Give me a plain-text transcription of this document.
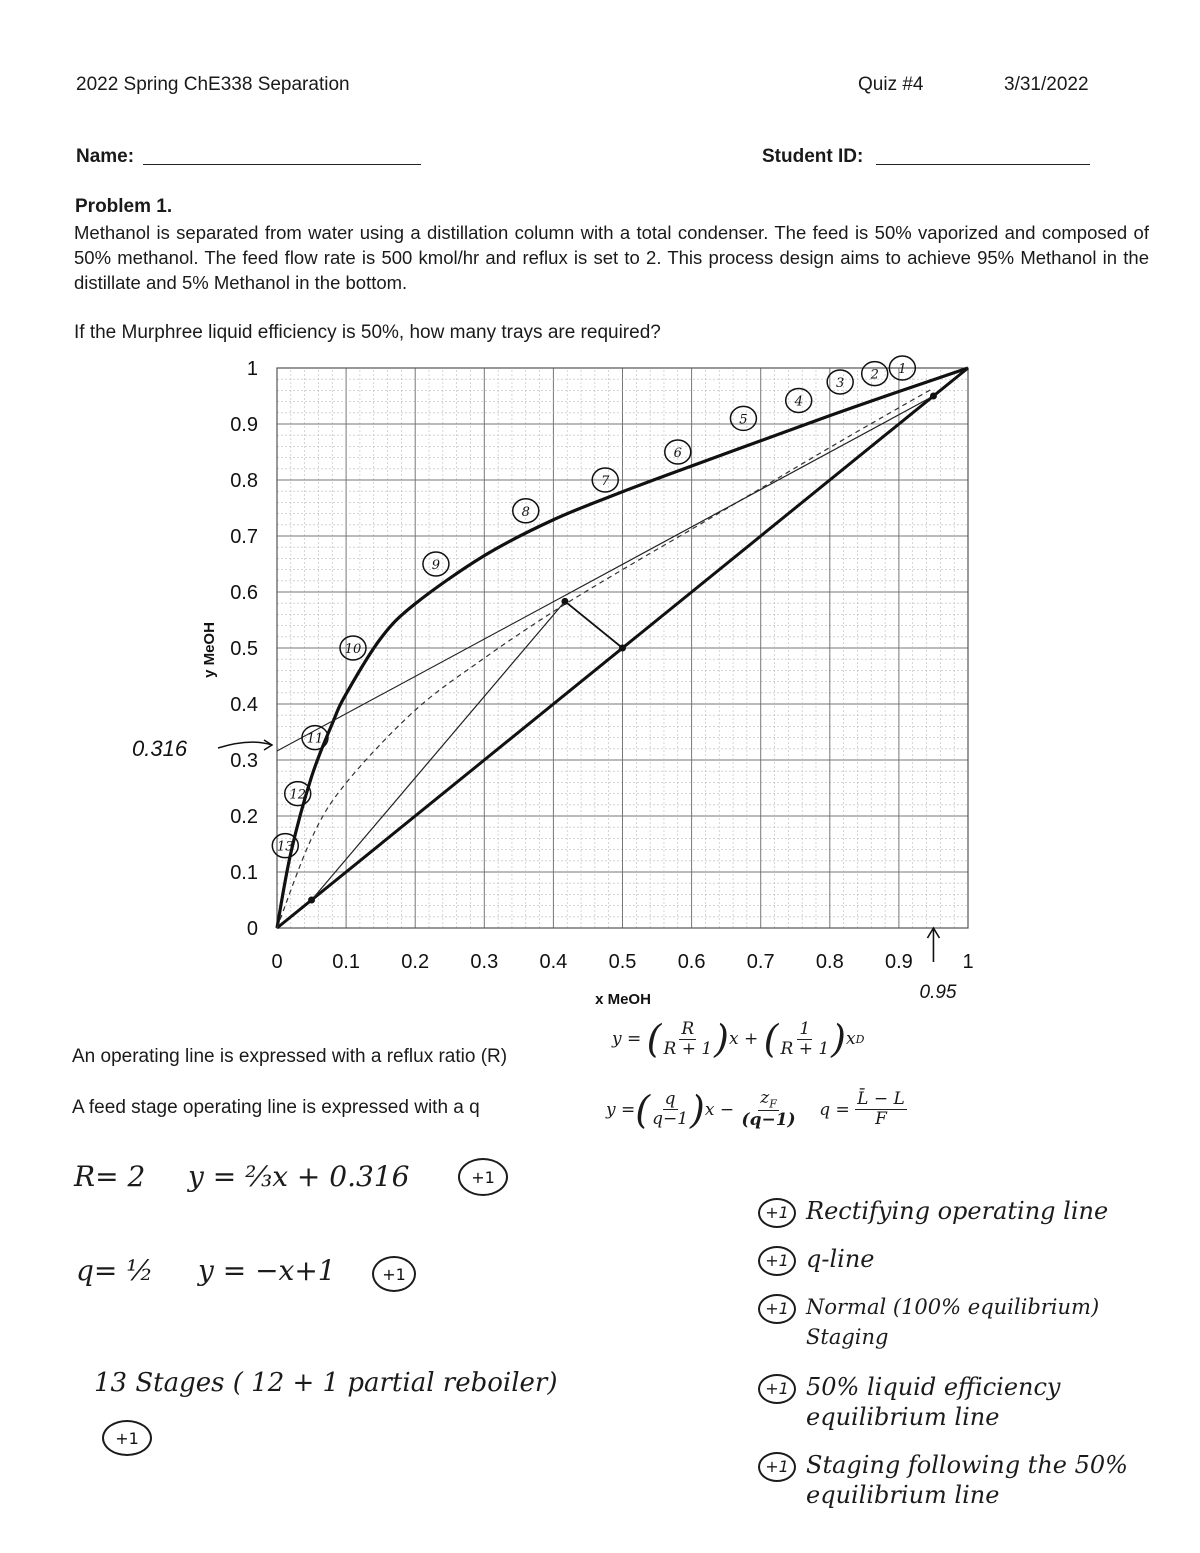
2022 Spring ChE338 Separation	Quiz #4	3/31/2022
Name:	Student ID:
Problem 1.
Methanol is separated from water using a distillation column with a total condenser. The feed is 50% vaporized and composed of 50% methanol. The feed flow rate is 500 kmol/hr and reflux is set to 2. This process design aims to achieve 95% Methanol in the distillate and 5% Methanol in the bottom.
If the Murphree liquid efficiency is 50%, how many trays are required?
0 0.1 0.2 0.3 0.4 0.5 0.6 0.7 0.8 0.9 1
0
0.1
0.2
0.3
0.4
0.5
0.6
0.7
0.8
0.9
1
x MeOH
y MeOH
0.316
0.95
1
2
3
4
5
6
7
8
9
10
11
12
13
An operating line is expressed with a reflux ratio (R)
y
=
( $\frac{R}{R + 1}$ ) x
+
( $\frac{1}{R + 1}$ ) x D
A feed stage operating line is expressed with a q	y
= ( $\frac{q}{q-1}$ ) x
−
$\frac{z_F}{(q-1)}$
q
=
$\frac{L̄ - L}{F}$
R= 2 y = ⅔x + 0.316	+1
q= ½ y = −x+1	+1
13 Stages ( 12 + 1 partial reboiler)
+1
+1 Rectifying operating line
+1 q-line
+1 Normal (100% equilibrium) Staging
+1 50% liquid efficiency equilibrium line
+1 Staging following the 50% equilibrium line
